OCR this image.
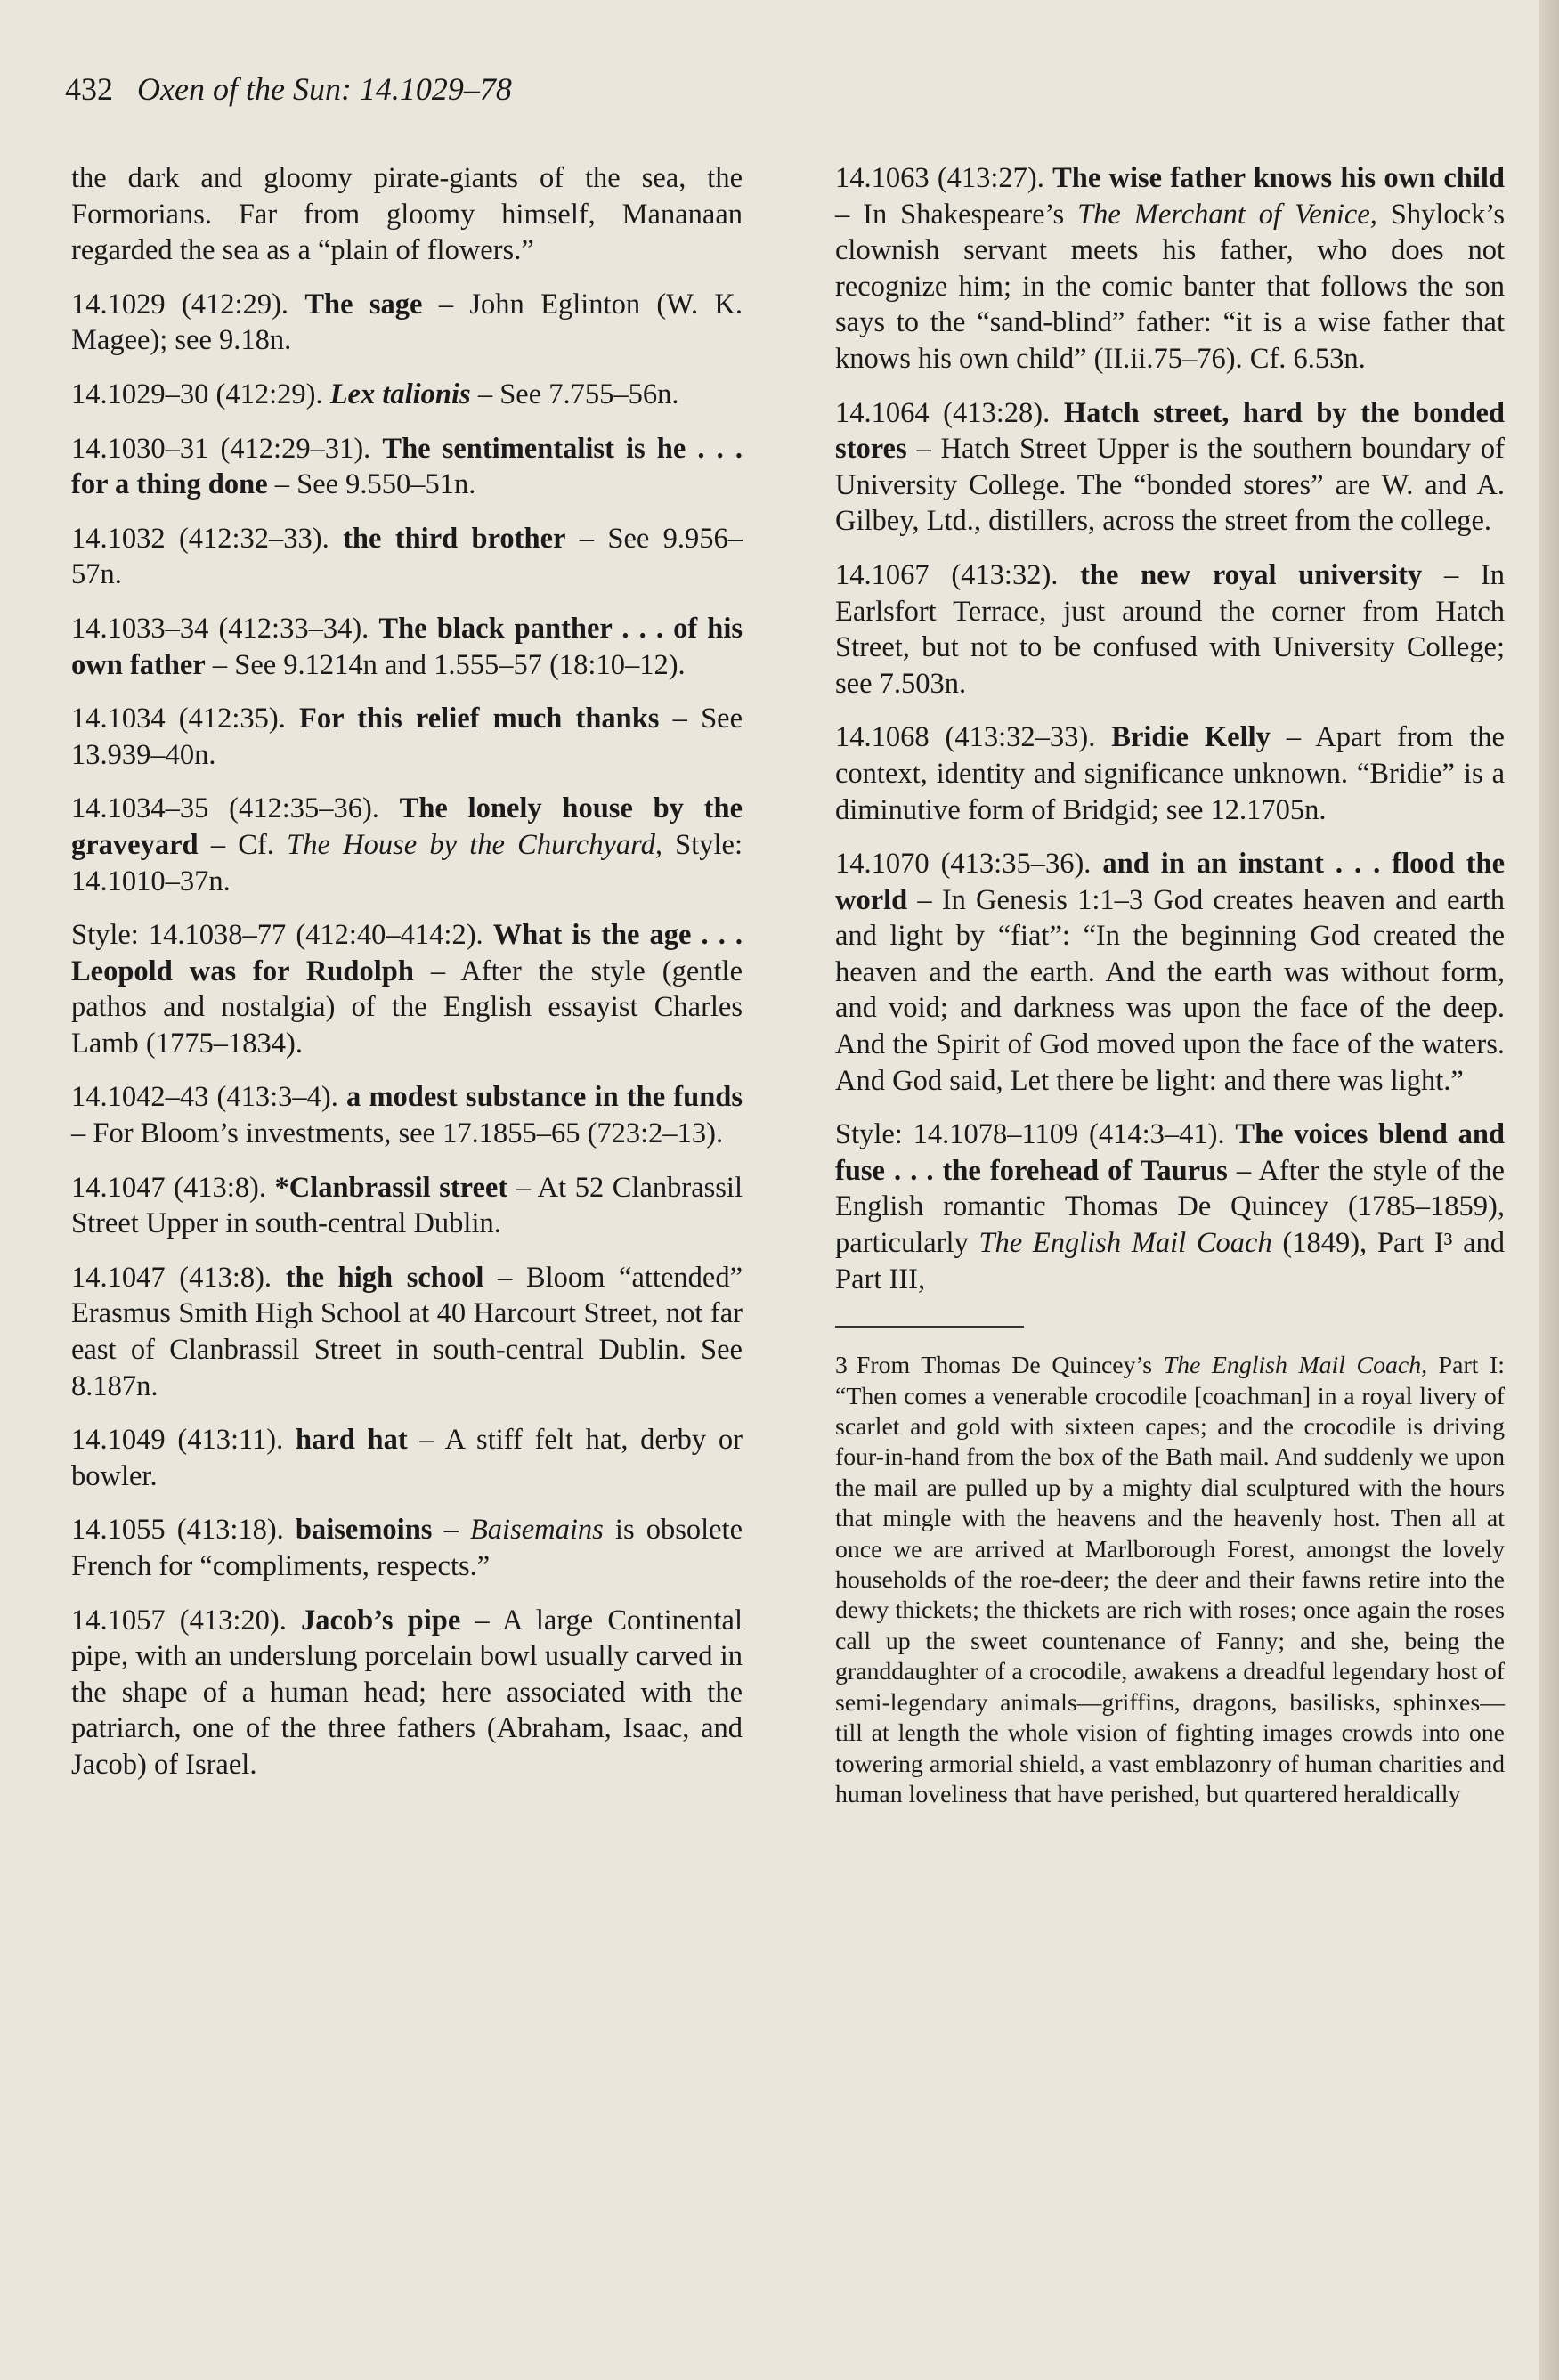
432 Oxen of the Sun: 14.1029–78

the dark and gloomy pirate-giants of the sea, the Formorians. Far from gloomy himself, Mananaan regarded the sea as a “plain of flowers.”

14.1029 (412:29). The sage – John Eglinton (W. K. Magee); see 9.18n.

14.1029–30 (412:29). Lex talionis – See 7.755–56n.

14.1030–31 (412:29–31). The sentimentalist is he . . . for a thing done – See 9.550–51n.

14.1032 (412:32–33). the third brother – See 9.956–57n.

14.1033–34 (412:33–34). The black panther . . . of his own father – See 9.1214n and 1.555–57 (18:10–12).

14.1034 (412:35). For this relief much thanks – See 13.939–40n.

14.1034–35 (412:35–36). The lonely house by the graveyard – Cf. The House by the Churchyard, Style: 14.1010–37n.

Style: 14.1038–77 (412:40–414:2). What is the age . . . Leopold was for Rudolph – After the style (gentle pathos and nostalgia) of the English essayist Charles Lamb (1775–1834).

14.1042–43 (413:3–4). a modest substance in the funds – For Bloom’s investments, see 17.1855–65 (723:2–13).

14.1047 (413:8). *Clanbrassil street – At 52 Clanbrassil Street Upper in south-central Dublin.

14.1047 (413:8). the high school – Bloom “attended” Erasmus Smith High School at 40 Harcourt Street, not far east of Clanbrassil Street in south-central Dublin. See 8.187n.

14.1049 (413:11). hard hat – A stiff felt hat, derby or bowler.

14.1055 (413:18). baisemoins – Baisemains is obsolete French for “compliments, respects.”

14.1057 (413:20). Jacob’s pipe – A large Continental pipe, with an underslung porcelain bowl usually carved in the shape of a human head; here associated with the patriarch, one of the three fathers (Abraham, Isaac, and Jacob) of Israel.

14.1063 (413:27). The wise father knows his own child – In Shakespeare’s The Merchant of Venice, Shylock’s clownish servant meets his father, who does not recognize him; in the comic banter that follows the son says to the “sand-blind” father: “it is a wise father that knows his own child” (II.ii.75–76). Cf. 6.53n.

14.1064 (413:28). Hatch street, hard by the bonded stores – Hatch Street Upper is the southern boundary of University College. The “bonded stores” are W. and A. Gilbey, Ltd., distillers, across the street from the college.

14.1067 (413:32). the new royal university – In Earlsfort Terrace, just around the corner from Hatch Street, but not to be confused with University College; see 7.503n.

14.1068 (413:32–33). Bridie Kelly – Apart from the context, identity and significance unknown. “Bridie” is a diminutive form of Bridgid; see 12.1705n.

14.1070 (413:35–36). and in an instant . . . flood the world – In Genesis 1:1–3 God creates heaven and earth and light by “fiat”: “In the beginning God created the heaven and the earth. And the earth was without form, and void; and darkness was upon the face of the deep. And the Spirit of God moved upon the face of the waters. And God said, Let there be light: and there was light.”

Style: 14.1078–1109 (414:3–41). The voices blend and fuse . . . the forehead of Taurus – After the style of the English romantic Thomas De Quincey (1785–1859), particularly The English Mail Coach (1849), Part I³ and Part III,

3 From Thomas De Quincey’s The English Mail Coach, Part I: “Then comes a venerable crocodile [coachman] in a royal livery of scarlet and gold with sixteen capes; and the crocodile is driving four-in-hand from the box of the Bath mail. And suddenly we upon the mail are pulled up by a mighty dial sculptured with the hours that mingle with the heavens and the heavenly host. Then all at once we are arrived at Marlborough Forest, amongst the lovely households of the roe-deer; the deer and their fawns retire into the dewy thickets; the thickets are rich with roses; once again the roses call up the sweet countenance of Fanny; and she, being the granddaughter of a crocodile, awakens a dreadful legendary host of semi-legendary animals—griffins, dragons, basilisks, sphinxes—till at length the whole vision of fighting images crowds into one towering armorial shield, a vast emblazonry of human charities and human loveliness that have perished, but quartered heraldically
